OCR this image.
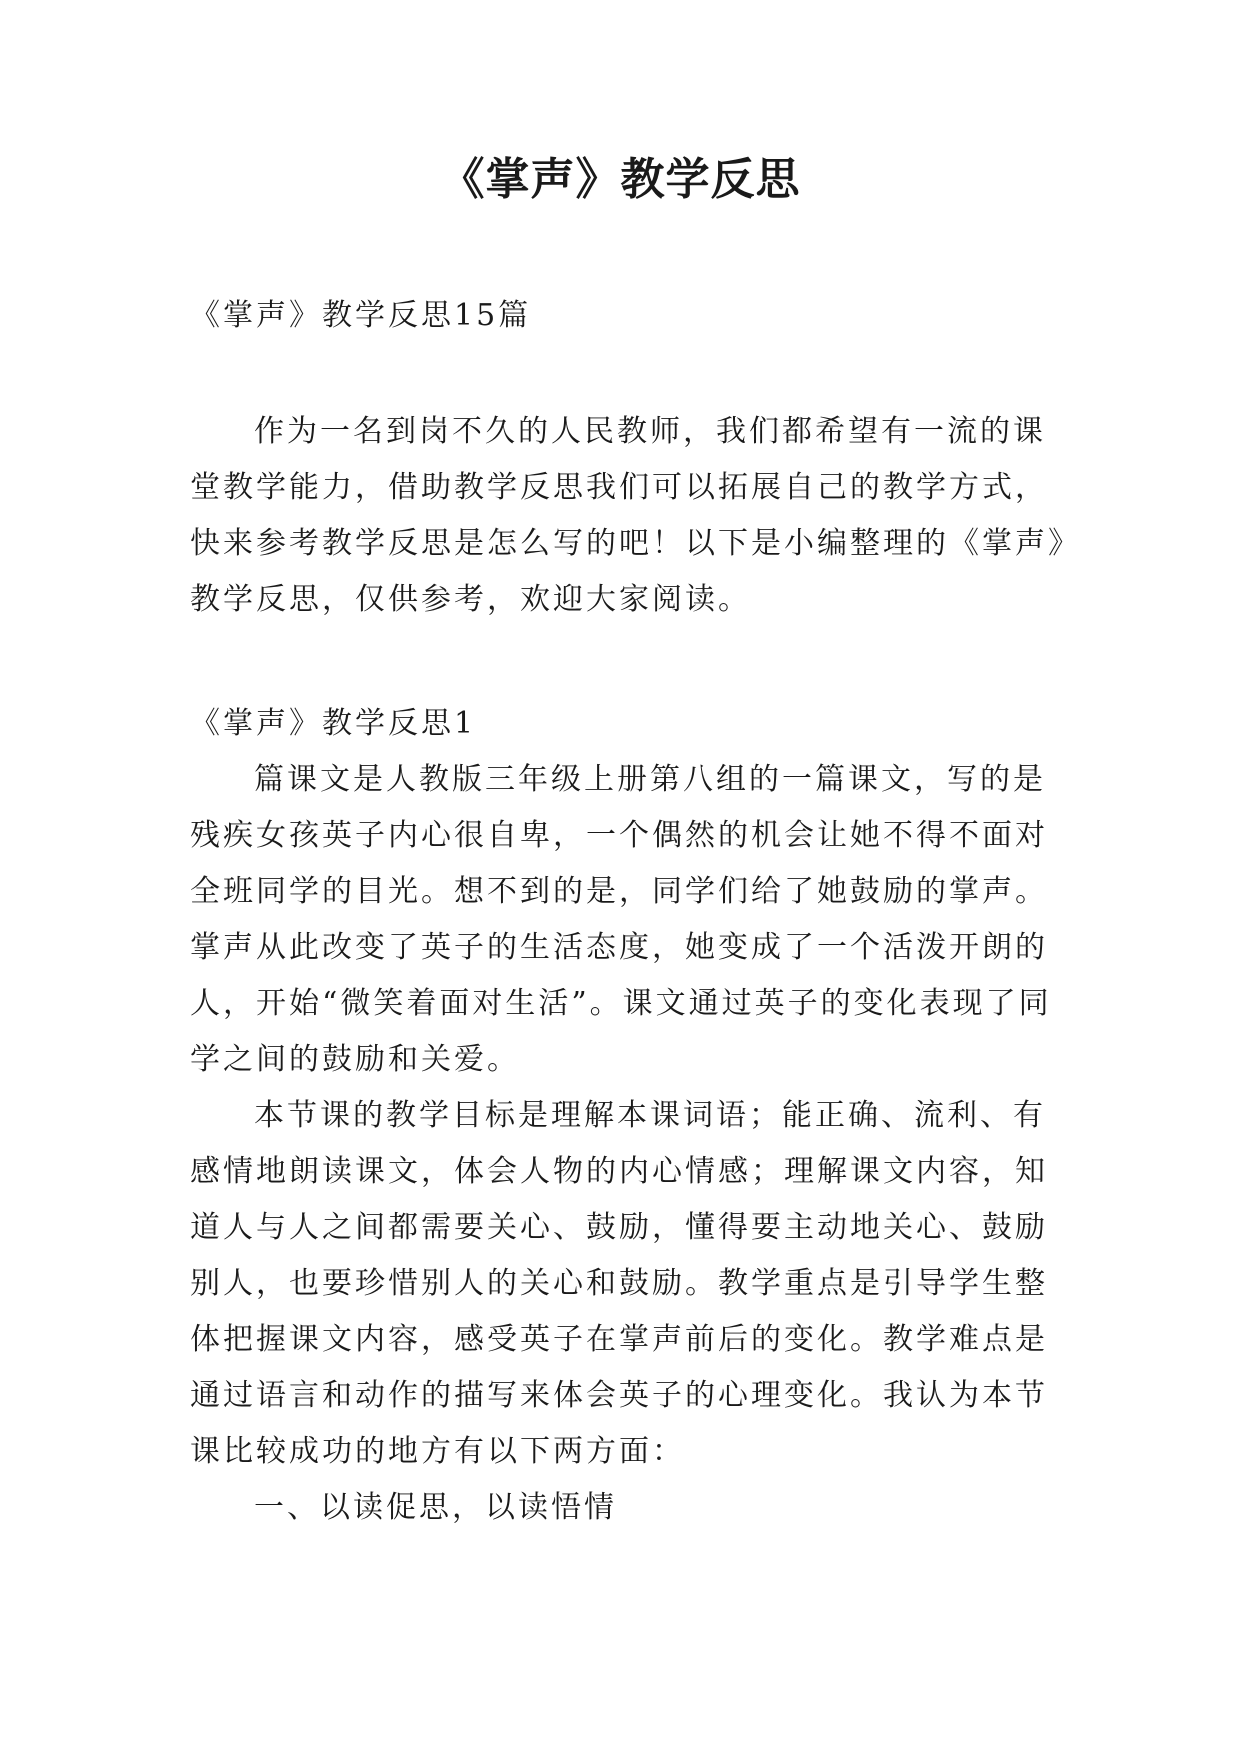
《掌声》教学反思
《掌声》教学反思15篇

作为一名到岗不久的人民教师，我们都希望有一流的课堂教学能力，借助教学反思我们可以拓展自己的教学方式，快来参考教学反思是怎么写的吧！以下是小编整理的《掌声》教学反思，仅供参考，欢迎大家阅读。

《掌声》教学反思1

篇课文是人教版三年级上册第八组的一篇课文，写的是残疾女孩英子内心很自卑，一个偶然的机会让她不得不面对全班同学的目光。想不到的是，同学们给了她鼓励的掌声。掌声从此改变了英子的生活态度，她变成了一个活泼开朗的人，开始“微笑着面对生活”。课文通过英子的变化表现了同学之间的鼓励和关爱。

本节课的教学目标是理解本课词语；能正确、流利、有感情地朗读课文，体会人物的内心情感；理解课文内容，知道人与人之间都需要关心、鼓励，懂得要主动地关心、鼓励别人，也要珍惜别人的关心和鼓励。教学重点是引导学生整体把握课文内容，感受英子在掌声前后的变化。教学难点是通过语言和动作的描写来体会英子的心理变化。我认为本节课比较成功的地方有以下两方面：

一、以读促思，以读悟情
